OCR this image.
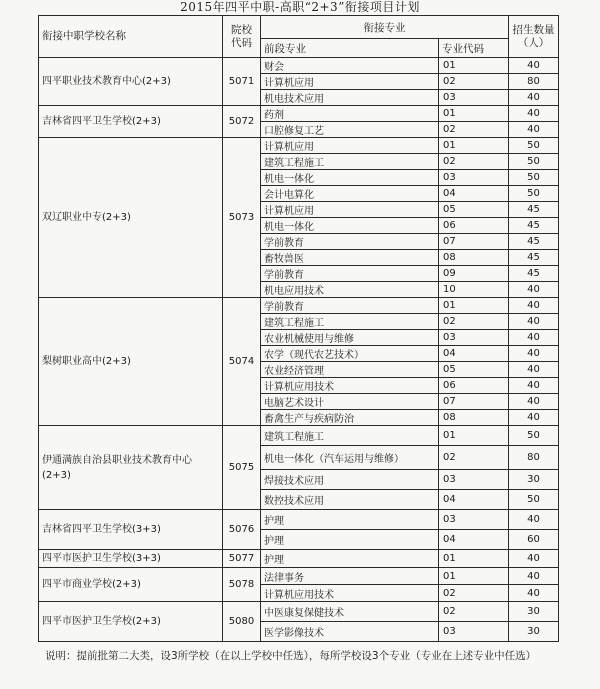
2015年四平中职-高职“2+3”衔接项目计划
衔接中职学校名称	院校代码	衔接专业		招生数量（人）
		前段专业	专业代码	
四平职业技术教育中心(2+3)	5071	财会	01	40
		计算机应用	02	80
		机电技术应用	03	40
吉林省四平卫生学校(2+3)	5072	药剂	01	40
		口腔修复工艺	02	40
双辽职业中专(2+3)	5073	计算机应用	01	50
		建筑工程施工	02	50
		机电一体化	03	50
		会计电算化	04	50
		计算机应用	05	45
		机电一体化	06	45
		学前教育	07	45
		畜牧兽医	08	45
		学前教育	09	45
		机电应用技术	10	40
梨树职业高中(2+3)	5074	学前教育	01	40
		建筑工程施工	02	40
		农业机械使用与维修	03	40
		农学（现代农艺技术）	04	40
		农业经济管理	05	40
		计算机应用技术	06	40
		电脑艺术设计	07	40
		畜禽生产与疾病防治	08	40
伊通满族自治县职业技术教育中心(2+3)	5075	建筑工程施工	01	50
		机电一体化（汽车运用与维修）	02	80
		焊接技术应用	03	30
		数控技术应用	04	50
吉林省四平卫生学校(3+3)	5076	护理	03	40
		护理	04	60
四平市医护卫生学校(3+3)	5077	护理	01	40
四平市商业学校(2+3)	5078	法律事务	01	40
		计算机应用技术	02	40
四平市医护卫生学校(2+3)	5080	中医康复保健技术	02	30
		医学影像技术	03	30
说明：提前批第二大类，设3所学校（在以上学校中任选），每所学校设3个专业（专业在上述专业中任选）
